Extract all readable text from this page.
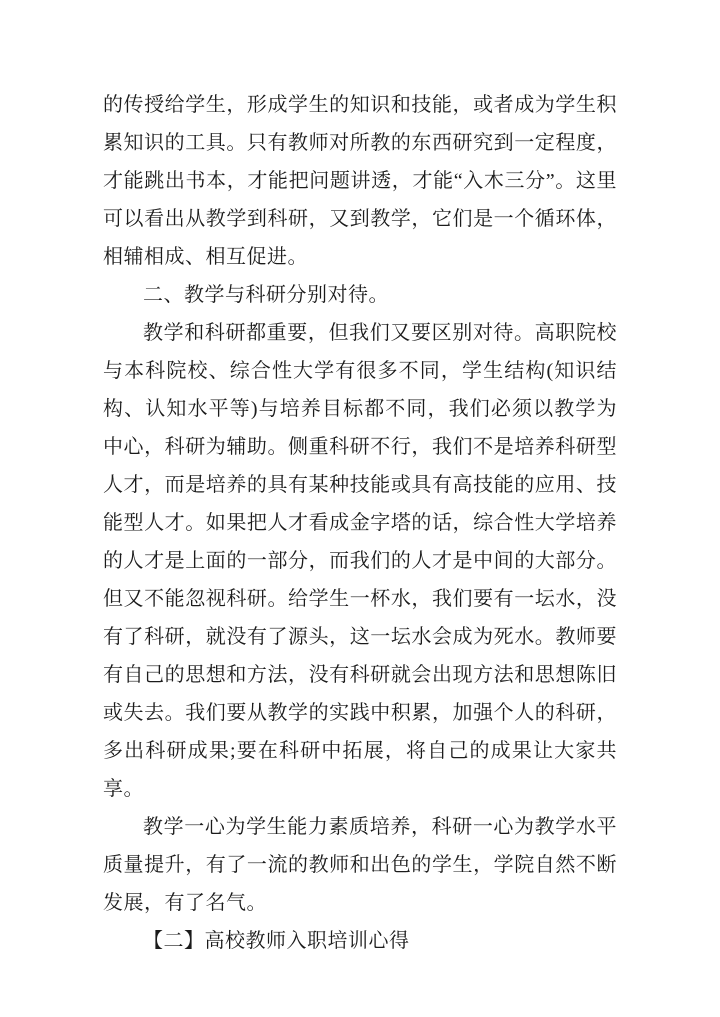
的传授给学生，形成学生的知识和技能，或者成为学生积累知识的工具。只有教师对所教的东西研究到一定程度，才能跳出书本，才能把问题讲透，才能“入木三分”。这里可以看出从教学到科研，又到教学，它们是一个循环体，相辅相成、相互促进。

二、教学与科研分别对待。

教学和科研都重要，但我们又要区别对待。高职院校与本科院校、综合性大学有很多不同，学生结构(知识结构、认知水平等)与培养目标都不同，我们必须以教学为中心，科研为辅助。侧重科研不行，我们不是培养科研型人才，而是培养的具有某种技能或具有高技能的应用、技能型人才。如果把人才看成金字塔的话，综合性大学培养的人才是上面的一部分，而我们的人才是中间的大部分。但又不能忽视科研。给学生一杯水，我们要有一坛水，没有了科研，就没有了源头，这一坛水会成为死水。教师要有自己的思想和方法，没有科研就会出现方法和思想陈旧或失去。我们要从教学的实践中积累，加强个人的科研，多出科研成果;要在科研中拓展，将自己的成果让大家共享。

教学一心为学生能力素质培养，科研一心为教学水平质量提升，有了一流的教师和出色的学生，学院自然不断发展，有了名气。

【二】高校教师入职培训心得
